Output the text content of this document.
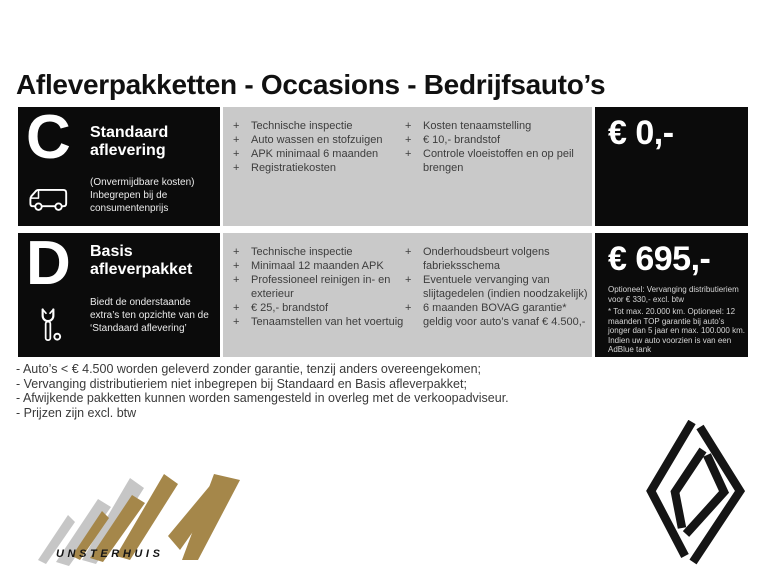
Afleverpakketten - Occasions - Bedrijfsauto’s
C Standaard aflevering
(Onvermijdbare kosten) Inbegrepen bij de consumentenprijs
+	Technische inspectie
+	Auto wassen en stofzuigen
+	APK minimaal 6 maanden
+	Registratiekosten
+	Kosten tenaamstelling
+	€ 10,- brandstof
+	Controle vloeistoffen en op peil brengen
€ 0,-
D Basis afleverpakket
Biedt de onderstaande extra’s ten opzichte van de ‘Standaard aflevering’
+	Technische inspectie
+	Minimaal 12 maanden APK
+	Professioneel reinigen in- en exterieur
+	€ 25,- brandstof
+	Tenaamstellen van het voertuig
+	Onderhoudsbeurt volgens fabrieksschema
+	Eventuele vervanging van slijtagedelen (indien noodzakelijk)
+	6 maanden BOVAG garantie* geldig voor auto’s vanaf € 4.500,-
€ 695,-

Optioneel: Vervanging distributieriem voor € 330,- excl. btw

* Tot max. 20.000 km. Optioneel: 12 maanden TOP garantie bij auto’s jonger dan 5 jaar en max. 100.000 km. Indien uw auto voorzien is van een AdBlue tank

- Auto’s < € 4.500 worden geleverd zonder garantie, tenzij anders overeengekomen;
- Vervanging distributieriem niet inbegrepen bij Standaard en Basis afleverpakket;
- Afwijkende pakketten kunnen worden samengesteld in overleg met de verkoopadviseur.
- Prijzen zijn excl. btw
UNSTERHUIS
